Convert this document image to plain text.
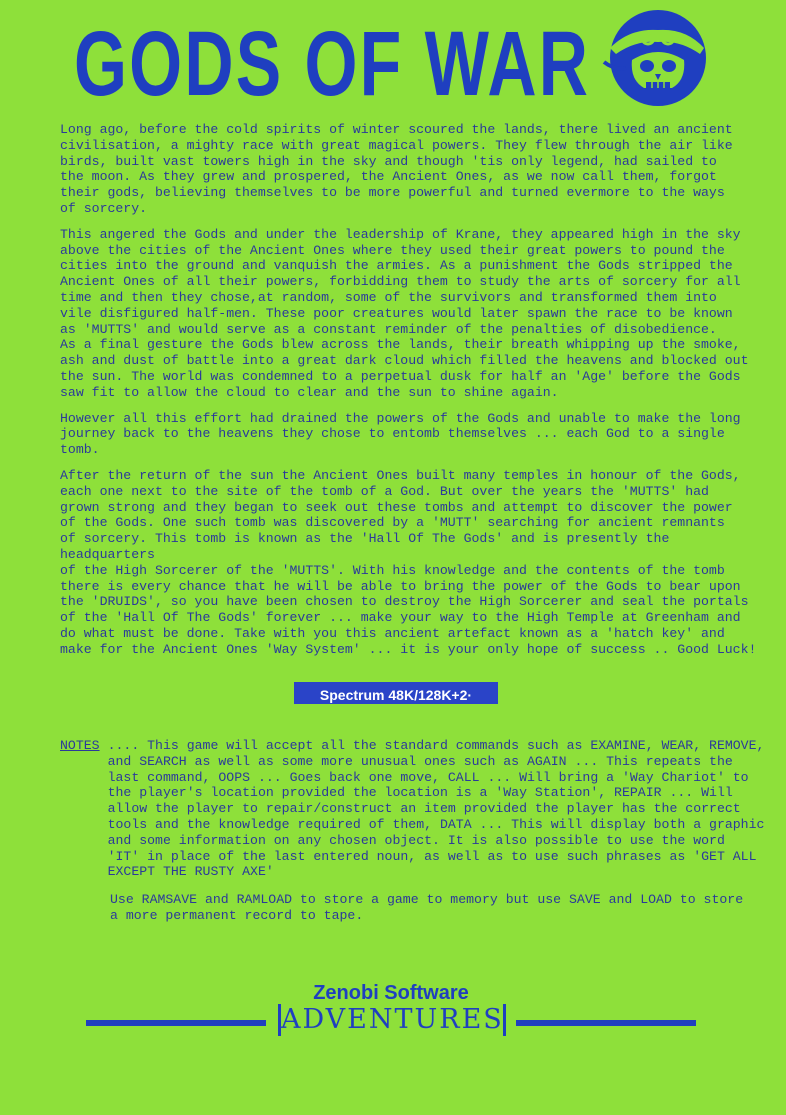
GODS OF WAR

Long ago, before the cold spirits of winter scoured the lands, there lived an ancient
civilisation, a mighty race with great magical powers. They flew through the air like
birds, built vast towers high in the sky and though 'tis only legend, had sailed to
the moon. As they grew and prospered, the Ancient Ones, as we now call them, forgot
their gods, believing themselves to be more powerful and turned evermore to the ways
of sorcery.

This angered the Gods and under the leadership of Krane, they appeared high in the sky
above the cities of the Ancient Ones where they used their great powers to pound the
cities into the ground and vanquish the armies. As a punishment the Gods stripped the
Ancient Ones of all their powers, forbidding them to study the arts of sorcery for all
time and then they chose,at random, some of the survivors and transformed them into
vile disfigured half-men. These poor creatures would later spawn the race to be known
as 'MUTTS' and would serve as a constant reminder of the penalties of disobedience.
As a final gesture the Gods blew across the lands, their breath whipping up the smoke,
ash and dust of battle into a great dark cloud which filled the heavens and blocked out
the sun. The world was condemned to a perpetual dusk for half an 'Age' before the Gods
saw fit to allow the cloud to clear and the sun to shine again.

However all this effort had drained the powers of the Gods and unable to make the long
journey back to the heavens they chose to entomb themselves ... each God to a single
tomb.

After the return of the sun the Ancient Ones built many temples in honour of the Gods,
each one next to the site of the tomb of a God. But over the years the 'MUTTS' had
grown strong and they began to seek out these tombs and attempt to discover the power
of the Gods. One such tomb was discovered by a 'MUTT' searching for ancient remnants
of sorcery. This tomb is known as the 'Hall Of The Gods' and is presently the headquarters
of the High Sorcerer of the 'MUTTS'. With his knowledge and the contents of the tomb
there is every chance that he will be able to bring the power of the Gods to bear upon
the 'DRUIDS', so you have been chosen to destroy the High Sorcerer and seal the portals
of the 'Hall Of The Gods' forever ... make your way to the High Temple at Greenham and
do what must be done. Take with you this ancient artefact known as a 'hatch key' and
make for the Ancient Ones 'Way System' ... it is your only hope of success .. Good Luck!

Spectrum 48K/128K+2·
NOTES .... This game will accept all the standard commands such as EXAMINE, WEAR, REMOVE,
and SEARCH as well as some more unusual ones such as AGAIN ... This repeats the
last command, OOPS ... Goes back one move, CALL ... Will bring a 'Way Chariot' to
the player's location provided the location is a 'Way Station', REPAIR ... Will
allow the player to repair/construct an item provided the player has the correct
tools and the knowledge required of them, DATA ... This will display both a graphic
and some information on any chosen object. It is also possible to use the word
'IT' in place of the last entered noun, as well as to use such phrases as 'GET ALL
EXCEPT THE RUSTY AXE'
Use RAMSAVE and RAMLOAD to store a game to memory but use SAVE and LOAD to store
a more permanent record to tape.
Zenobi Software
ADVENTURES
